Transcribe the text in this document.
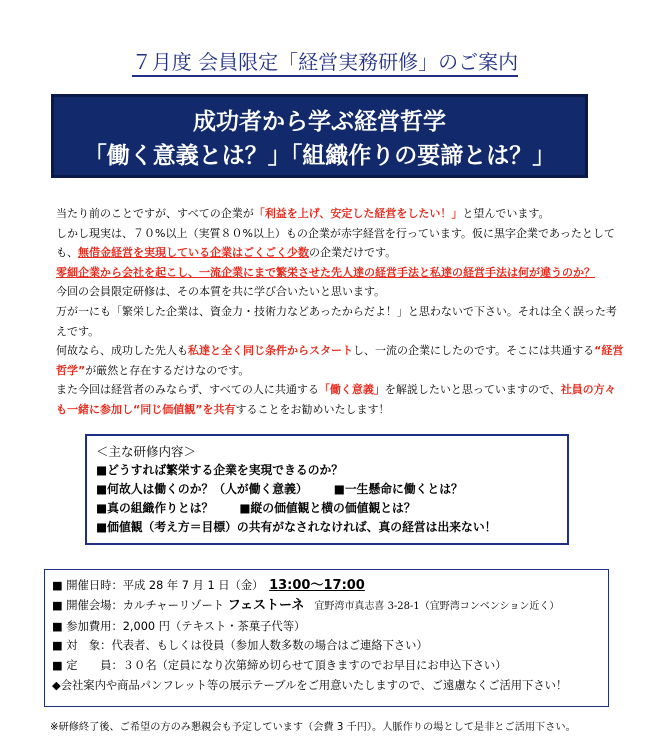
７月度 会員限定「経営実務研修」のご案内
成功者から学ぶ経営哲学
「働く意義とは？」「組織作りの要諦とは？」

当たり前のことですが、すべての企業が「利益を上げ、安定した経営をしたい！」と望んでいます。

しかし現実は、７０%以上（実質８０%以上）もの企業が赤字経営を行っています。仮に黒字企業であったとしても、無借金経営を実現している企業はごくごく少数の企業だけです。

零細企業から会社を起こし、一流企業にまで繁栄させた先人達の経営手法と私達の経営手法は何が違うのか？

今回の会員限定研修は、その本質を共に学び合いたいと思います。

万が一にも「繁栄した企業は、資金力・技術力などあったからだよ！」と思わないで下さい。それは全く誤った考えです。

何故なら、成功した先人も私達と全く同じ条件からスタートし、一流の企業にしたのです。そこには共通する“経営哲学”が厳然と存在するだけなのです。

また今回は経営者のみならず、すべての人に共通する「働く意義」を解説したいと思っていますので、社員の方々も一緒に参加し“同じ価値観”を共有することをお勧めいたします！

＜主な研修内容＞
■どうすれば繁栄する企業を実現できるのか？
■何故人は働くのか？（人が働く意義） ■一生懸命に働くとは？
■真の組織作りとは？ ■縦の価値観と横の価値観とは？
■価値観（考え方＝目標）の共有がなされなければ、真の経営は出来ない！
■ 開催日時：平成 28 年 7 月 1 日（金）　 13:00～17:00
■ 開催会場：カルチャーリゾート フェストーネ 宜野湾市真志喜 3-28-1（宜野湾コンベンション近く）
■ 参加費用：2,000 円（テキスト・茶菓子代等）
■ 対　象：代表者、もしくは役員（参加人数多数の場合はご連絡下さい）
■ 定　　員：３０名（定員になり次第締め切らせて頂きますのでお早目にお申込下さい）
◆会社案内や商品パンフレット等の展示テーブルをご用意いたしますので、ご遠慮なくご活用下さい！
※研修終了後、ご希望の方のみ懇親会も予定しています（会費 3 千円）。人脈作りの場として是非とご活用下さい。
